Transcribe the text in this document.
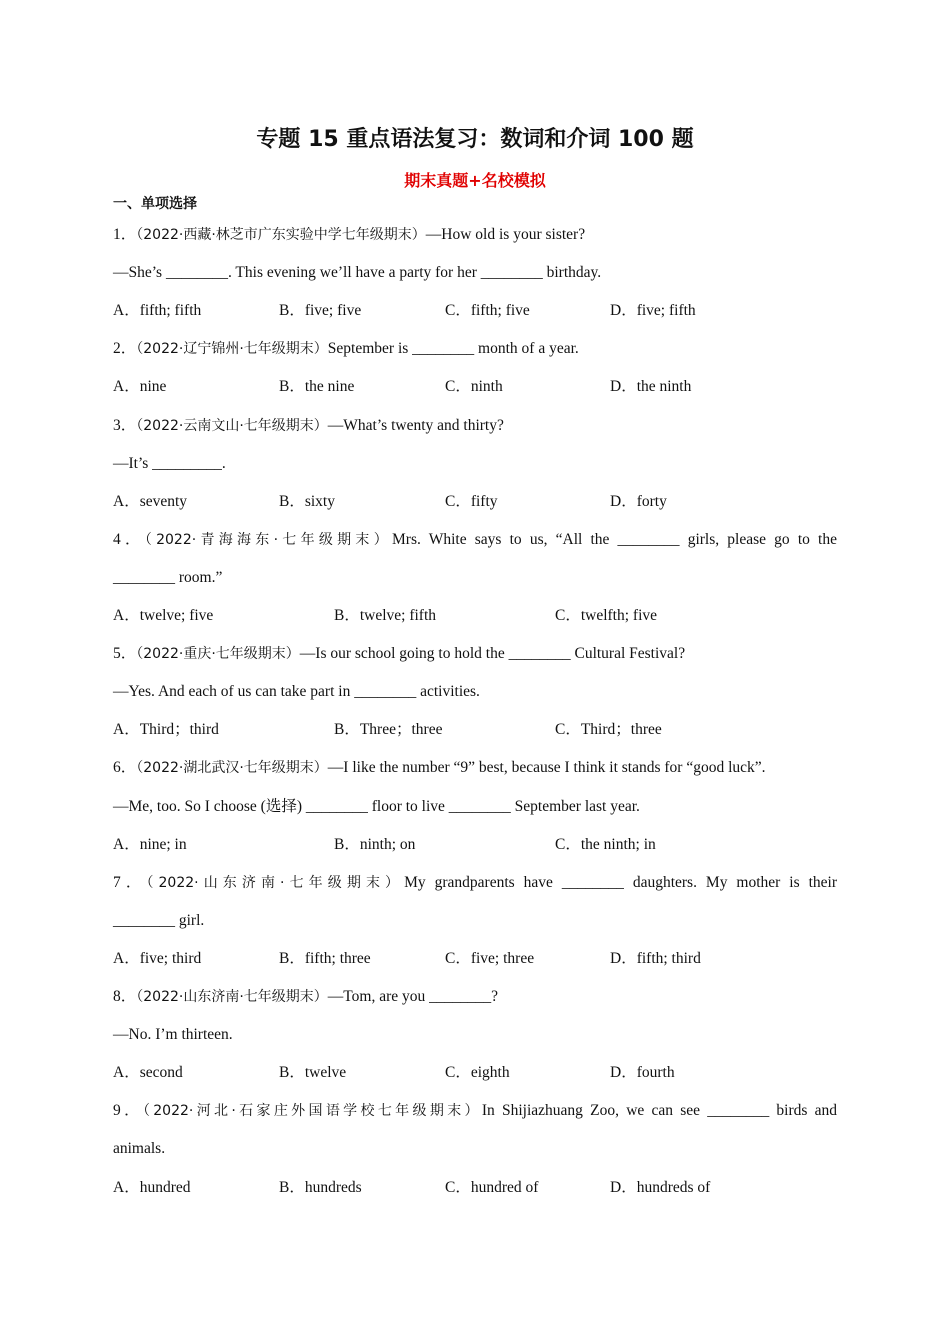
专题 15 重点语法复习：数词和介词 100 题
期末真题+名校模拟
一、单项选择
1．（2022·西藏·林芝市广东实验中学七年级期末）—How old is your sister?
—She’s ________. This evening we’ll have a party for her ________ birthday.
A．fifth; fifth	B．five; five	C．fifth; five	D．five; fifth
2．（2022·辽宁锦州·七年级期末）September is ________ month of a year.
A．nine	B．the nine	C．ninth	D．the ninth
3．（2022·云南文山·七年级期末）—What’s twenty and thirty?
—It’s _________.
A．seventy	B．sixty	C．fifty	D．forty
4．（2022·青海海东·七年级期末）Mrs. White says to us, “All the ________ girls, please go to the
________ room.”
A．twelve; five	B．twelve; fifth	C．twelfth; five
5．（2022·重庆·七年级期末）—Is our school going to hold the ________ Cultural Festival?
—Yes. And each of us can take part in ________ activities.
A．Third；third	B．Three；three	C．Third；three
6．（2022·湖北武汉·七年级期末）—I like the number “9” best, because I think it stands for “good luck”.
—Me, too. So I choose (选择) ________ floor to live ________ September last year.
A．nine; in	B．ninth; on	C．the ninth; in
7．（2022·山东济南·七年级期末）My grandparents have ________ daughters. My mother is their
________ girl.
A．five; third	B．fifth; three	C．five; three	D．fifth; third
8．（2022·山东济南·七年级期末）—Tom, are you ________?
—No. I’m thirteen.
A．second	B．twelve	C．eighth	D．fourth
9．（2022·河北·石家庄外国语学校七年级期末）In Shijiazhuang Zoo, we can see ________ birds and
animals.
A．hundred	B．hundreds	C．hundred of	D．hundreds of
